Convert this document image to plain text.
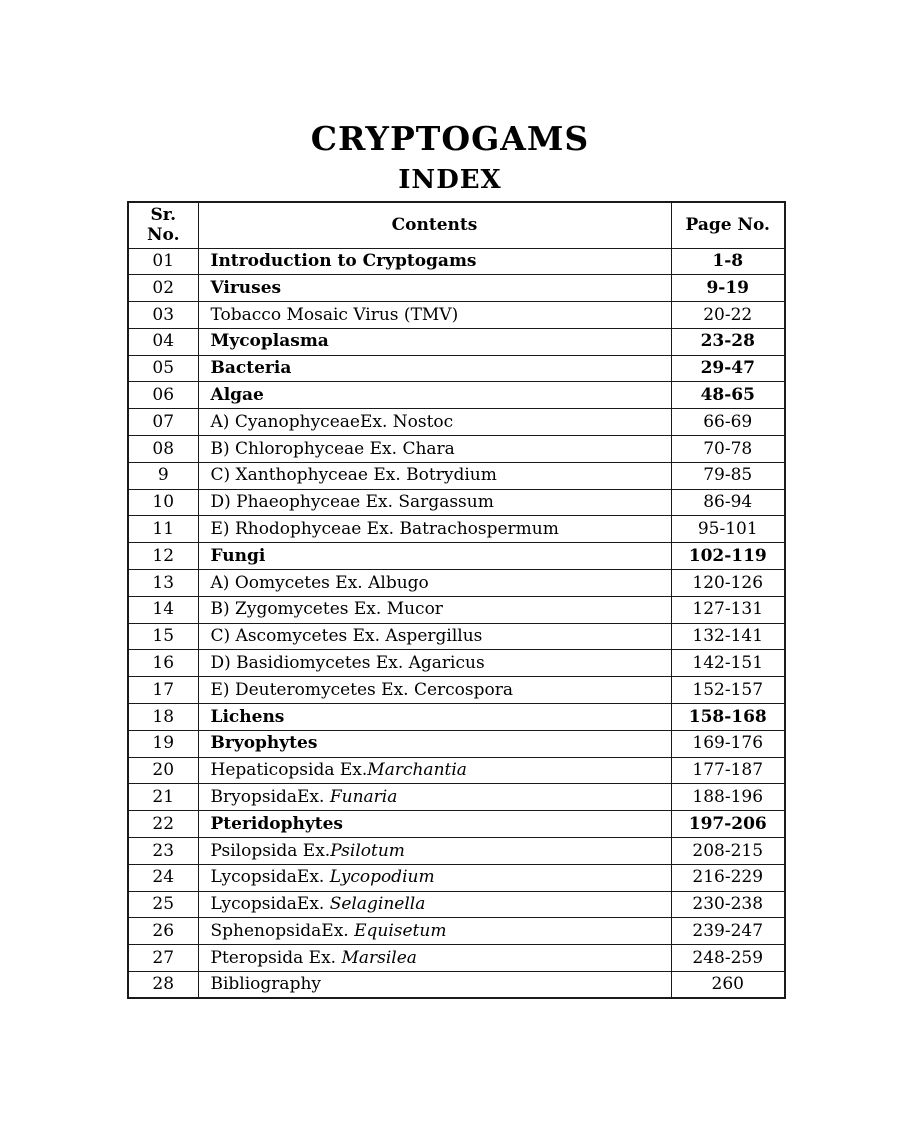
CRYPTOGAMS
INDEX
Sr.
No.	Contents	Page No.
01	Introduction to Cryptogams	1-8
02	Viruses	9-19
03	Tobacco Mosaic Virus (TMV)	20-22
04	Mycoplasma	23-28
05	Bacteria	29-47
06	Algae	48-65
07	A) CyanophyceaeEx. Nostoc	66-69
08	B) Chlorophyceae Ex. Chara	70-78
9	C) Xanthophyceae Ex. Botrydium	79-85
10	D) Phaeophyceae Ex. Sargassum	86-94
11	E) Rhodophyceae Ex. Batrachospermum	95-101
12	Fungi	102-119
13	A) Oomycetes Ex. Albugo	120-126
14	B) Zygomycetes Ex. Mucor	127-131
15	C) Ascomycetes Ex. Aspergillus	132-141
16	D) Basidiomycetes Ex. Agaricus	142-151
17	E) Deuteromycetes Ex. Cercospora	152-157
18	Lichens	158-168
19	Bryophytes	169-176
20	Hepaticopsida Ex.Marchantia	177-187
21	BryopsidaEx. Funaria	188-196
22	Pteridophytes	197-206
23	Psilopsida Ex.Psilotum	208-215
24	LycopsidaEx. Lycopodium	216-229
25	LycopsidaEx. Selaginella	230-238
26	SphenopsidaEx. Equisetum	239-247
27	Pteropsida Ex. Marsilea	248-259
28	Bibliography	260
